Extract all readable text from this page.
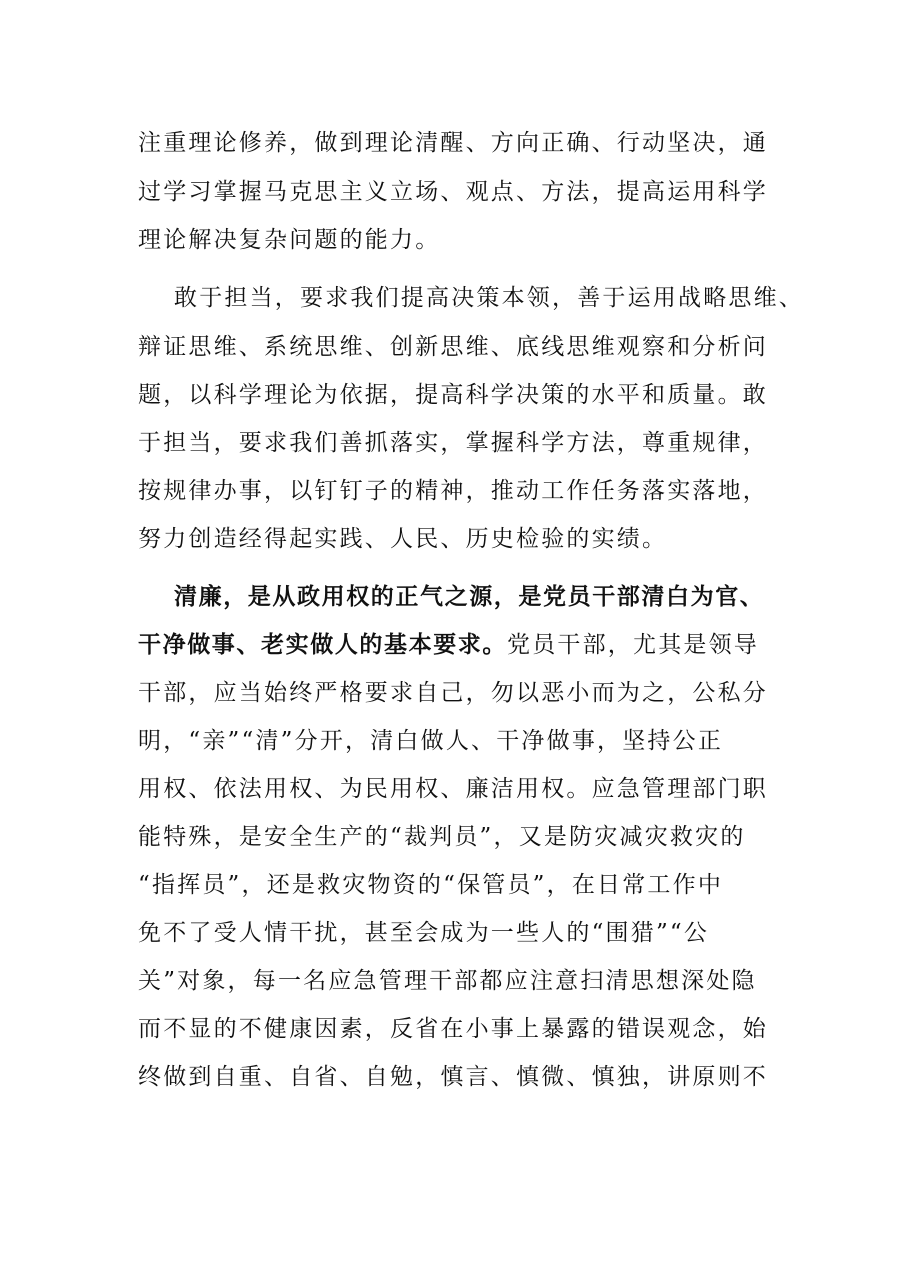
注重理论修养，做到理论清醒、方向正确、行动坚决，通
过学习掌握马克思主义立场、观点、方法，提高运用科学
理论解决复杂问题的能力。
敢于担当，要求我们提高决策本领，善于运用战略思维、
辩证思维、系统思维、创新思维、底线思维观察和分析问
题，以科学理论为依据，提高科学决策的水平和质量。敢
于担当，要求我们善抓落实，掌握科学方法，尊重规律，
按规律办事，以钉钉子的精神，推动工作任务落实落地，
努力创造经得起实践、人民、历史检验的实绩。
清廉，是从政用权的正气之源，是党员干部清白为官、
干净做事、老实做人的基本要求。党员干部，尤其是领导
干部，应当始终严格要求自己，勿以恶小而为之，公私分
明，“亲”“清”分开，清白做人、干净做事，坚持公正
用权、依法用权、为民用权、廉洁用权。应急管理部门职
能特殊，是安全生产的“裁判员”，又是防灾减灾救灾的
“指挥员”，还是救灾物资的“保管员”，在日常工作中
免不了受人情干扰，甚至会成为一些人的“围猎”“公
关”对象，每一名应急管理干部都应注意扫清思想深处隐
而不显的不健康因素，反省在小事上暴露的错误观念，始
终做到自重、自省、自勉，慎言、慎微、慎独，讲原则不
